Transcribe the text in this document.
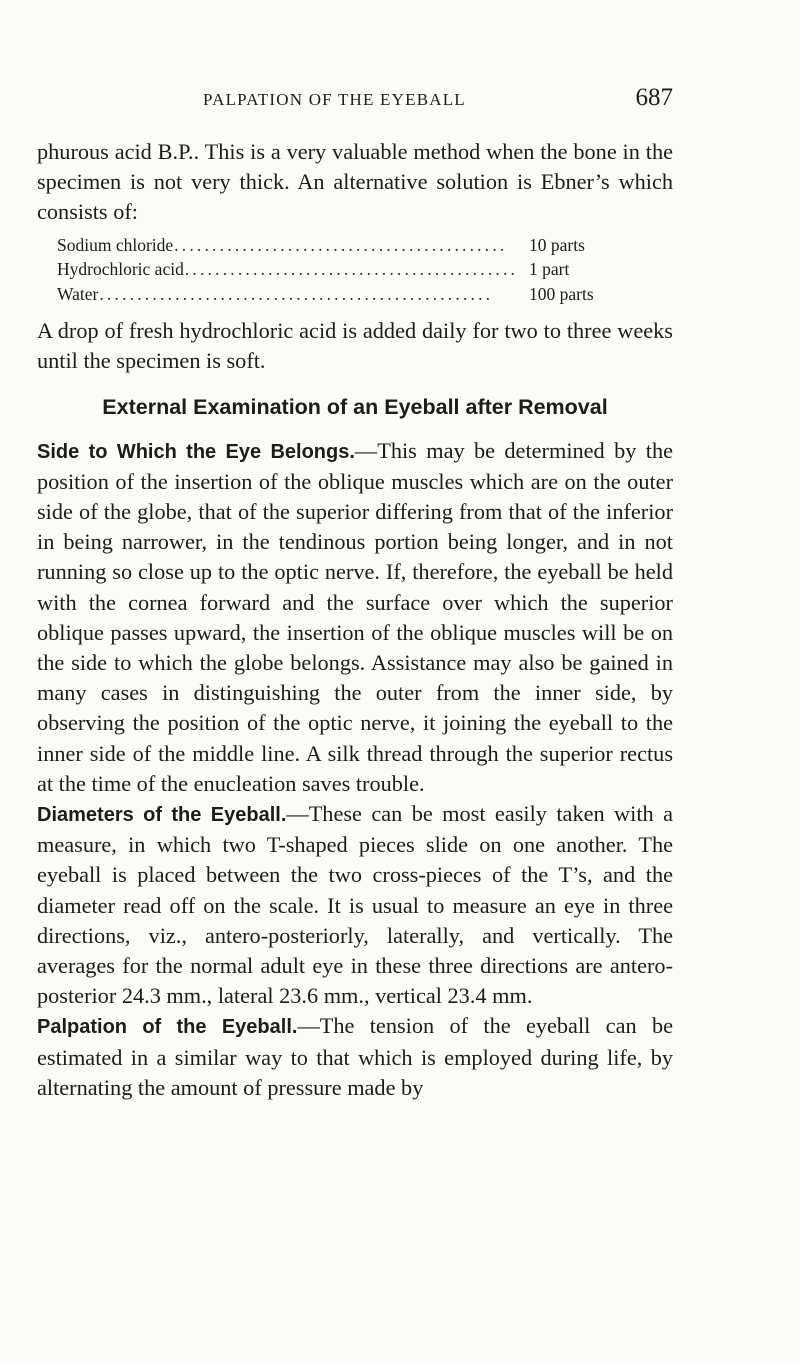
PALPATION OF THE EYEBALL	687

phurous acid B.P.. This is a very valuable method when the bone in the specimen is not very thick. An alternative solution is Ebner’s which consists of:

Sodium chloride ............................................	10 parts
Hydrochloric acid ............................................ 1 part
Water ....................................................	100 parts

A drop of fresh hydrochloric acid is added daily for two to three weeks until the specimen is soft.

External Examination of an Eyeball after Removal

Side to Which the Eye Belongs.—This may be determined by the position of the insertion of the oblique muscles which are on the outer side of the globe, that of the superior differing from that of the inferior in being narrower, in the tendinous portion being longer, and in not running so close up to the optic nerve. If, therefore, the eyeball be held with the cornea forward and the surface over which the superior oblique passes upward, the insertion of the oblique muscles will be on the side to which the globe belongs. Assistance may also be gained in many cases in distinguishing the outer from the inner side, by observing the position of the optic nerve, it joining the eyeball to the inner side of the middle line. A silk thread through the superior rectus at the time of the enucleation saves trouble.

Diameters of the Eyeball.—These can be most easily taken with a measure, in which two T-shaped pieces slide on one another. The eyeball is placed between the two cross-pieces of the T’s, and the diameter read off on the scale. It is usual to measure an eye in three directions, viz., antero-posteriorly, laterally, and vertically. The averages for the normal adult eye in these three directions are antero-posterior 24.3 mm., lateral 23.6 mm., vertical 23.4 mm.

Palpation of the Eyeball.—The tension of the eyeball can be estimated in a similar way to that which is employed during life, by alternating the amount of pressure made by
